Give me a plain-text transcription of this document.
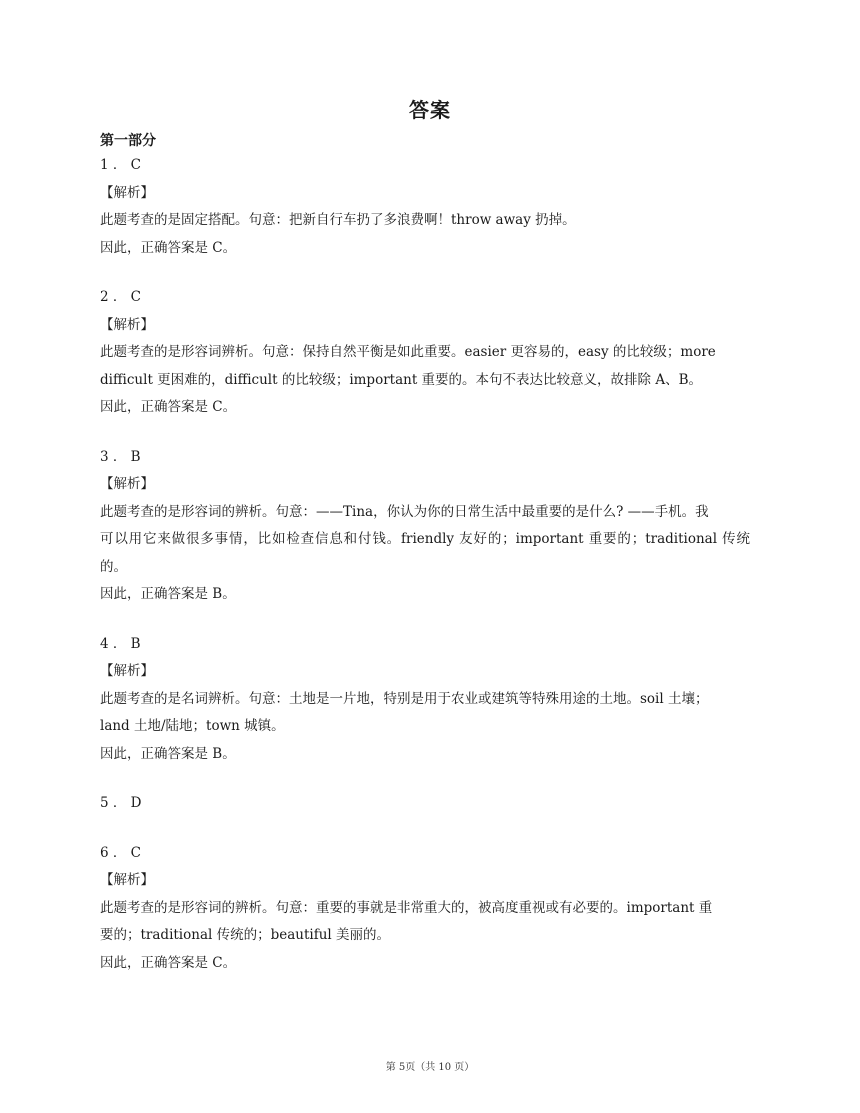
答案

第一部分

1 ． C

【解析】

此题考查的是固定搭配。句意：把新自行车扔了多浪费啊！throw away 扔掉。

因此，正确答案是 C。

2 ． C

【解析】

此题考查的是形容词辨析。句意：保持自然平衡是如此重要。easier 更容易的，easy 的比较级；more

difficult 更困难的，difficult 的比较级；important 重要的。本句不表达比较意义，故排除 A、B。

因此，正确答案是 C。

3 ． B

【解析】

此题考查的是形容词的辨析。句意：——Tina，你认为你的日常生活中最重要的是什么? ——手机。我

可以用它来做很多事情，比如检查信息和付钱。friendly 友好的；important 重要的；traditional 传统的。

因此，正确答案是 B。

4 ． B

【解析】

此题考查的是名词辨析。句意：土地是一片地，特别是用于农业或建筑等特殊用途的土地。soil 土壤；

land 土地/陆地；town 城镇。

因此，正确答案是 B。

5 ． D

6 ． C

【解析】

此题考查的是形容词的辨析。句意：重要的事就是非常重大的，被高度重视或有必要的。important 重

要的；traditional 传统的；beautiful 美丽的。

因此，正确答案是 C。

第 5页（共 10 页）
